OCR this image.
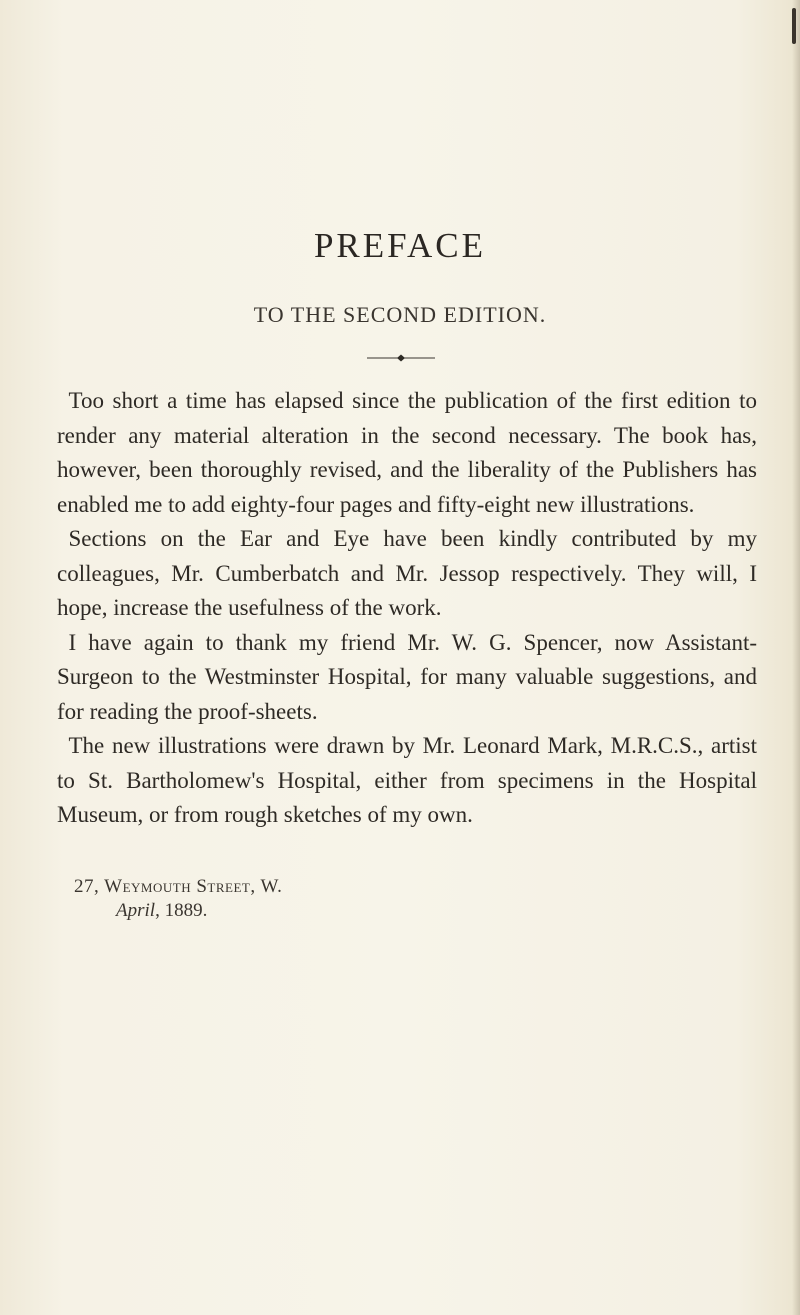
PREFACE
TO THE SECOND EDITION.

Too short a time has elapsed since the publication of the first edition to render any material alteration in the second necessary. The book has, however, been thoroughly revised, and the liberality of the Publishers has enabled me to add eighty-four pages and fifty-eight new illustrations.

Sections on the Ear and Eye have been kindly contributed by my colleagues, Mr. Cumberbatch and Mr. Jessop respectively. They will, I hope, increase the usefulness of the work.

I have again to thank my friend Mr. W. G. Spencer, now Assistant-Surgeon to the Westminster Hospital, for many valuable suggestions, and for reading the proof-sheets.

The new illustrations were drawn by Mr. Leonard Mark, M.R.C.S., artist to St. Bartholomew's Hospital, either from specimens in the Hospital Museum, or from rough sketches of my own.

27, Weymouth Street, W.
April, 1889.
